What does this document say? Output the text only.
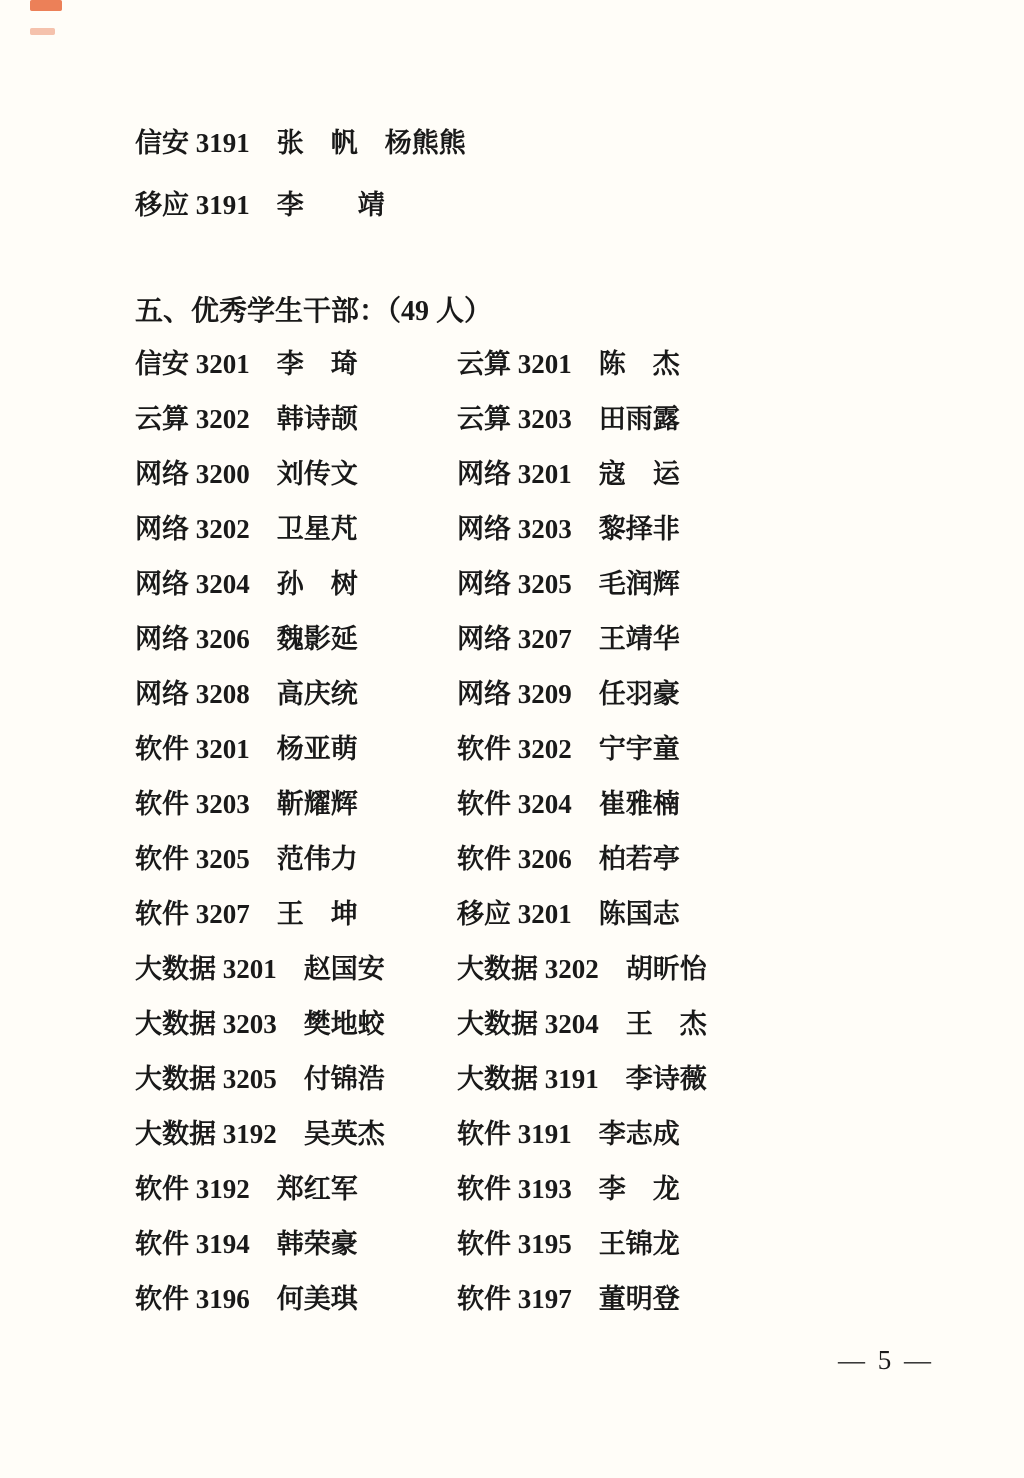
信安 3191 张　帆　杨熊熊
移应 3191 李　　靖
五、优秀学生干部：（49 人）
信安 3201 李　琦	云算 3201 陈　杰
云算 3202 韩诗颉	云算 3203 田雨露
网络 3200 刘传文	网络 3201 寇　运
网络 3202 卫星芃	网络 3203 黎择非
网络 3204 孙　树	网络 3205 毛润辉
网络 3206 魏影延	网络 3207 王靖华
网络 3208 高庆统	网络 3209 任羽豪
软件 3201 杨亚萌	软件 3202 宁宇童
软件 3203 靳耀辉	软件 3204 崔雅楠
软件 3205 范伟力	软件 3206 柏若亭
软件 3207 王　坤	移应 3201 陈国志
大数据 3201 赵国安	大数据 3202 胡昕怡
大数据 3203 樊地蛟	大数据 3204 王　杰
大数据 3205 付锦浩	大数据 3191 李诗薇
大数据 3192 吴英杰	软件 3191 李志成
软件 3192 郑红军	软件 3193 李　龙
软件 3194 韩荣豪	软件 3195 王锦龙
软件 3196 何美琪	软件 3197 董明登
— 5 —
